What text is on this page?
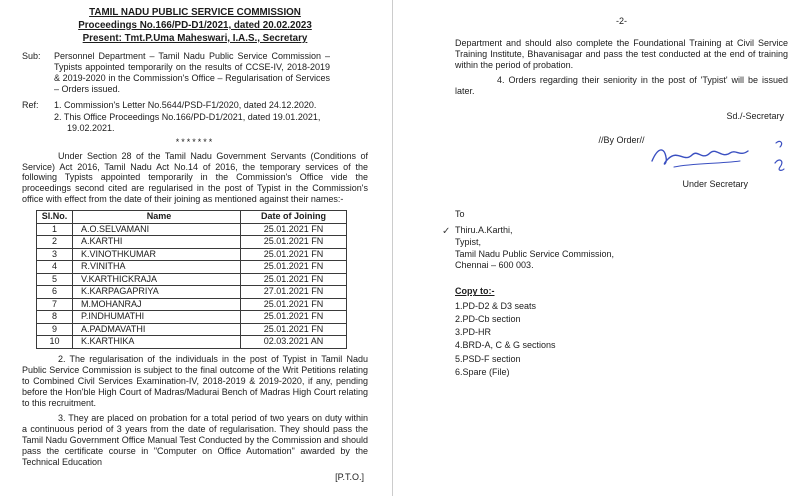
TAMIL NADU PUBLIC SERVICE COMMISSION
Proceedings No.166/PD-D1/2021, dated 20.02.2023
Present: Tmt.P.Uma Maheswari, I.A.S., Secretary
Sub:	Personnel Department – Tamil Nadu Public Service Commission – Typists appointed temporarily on the results of CCSE-IV, 2018-2019 & 2019-2020 in the Commission's Office – Regularisation of Services – Orders issued.
Ref:	1. Commission's Letter No.5644/PSD-F1/2020, dated 24.12.2020.
2. This Office Proceedings No.166/PD-D1/2021, dated 19.01.2021, 19.02.2021.
*******

Under Section 28 of the Tamil Nadu Government Servants (Conditions of Service) Act 2016, Tamil Nadu Act No.14 of 2016, the temporary services of the following Typists appointed temporarily in the Commission's Office vide the proceedings second cited are regularised in the post of Typist in the Commission's office with effect from the date of their joining as mentioned against their names:-

Sl.No.	Name	Date of Joining
1	A.O.SELVAMANI	25.01.2021 FN
2	A.KARTHI	25.01.2021 FN
3	K.VINOTHKUMAR	25.01.2021 FN
4	R.VINITHA	25.01.2021 FN
5	V.KARTHICKRAJA	25.01.2021 FN
6	K.KARPAGAPRIYA	27.01.2021 FN
7	M.MOHANRAJ	25.01.2021 FN
8	P.INDHUMATHI	25.01.2021 FN
9	A.PADMAVATHI	25.01.2021 FN
10	K.KARTHIKA	02.03.2021 AN

2. The regularisation of the individuals in the post of Typist in Tamil Nadu Public Service Commission is subject to the final outcome of the Writ Petitions relating to Combined Civil Services Examination-IV, 2018-2019 & 2019-2020, if any, pending before the Hon'ble High Court of Madras/Madurai Bench of Madras High Court relating to this recruitment.

3. They are placed on probation for a total period of two years on duty within a continuous period of 3 years from the date of regularisation. They should pass the Tamil Nadu Government Office Manual Test Conducted by the Commission and should pass the certificate course in "Computer on Office Automation" awarded by the Technical Education

[P.T.O.]
-2-

Department and should also complete the Foundational Training at Civil Service Training Institute, Bhavanisagar and pass the test conducted at the end of training within the period of probation.

4. Orders regarding their seniority in the post of 'Typist' will be issued later.

Sd./-Secretary
//By Order//
Under Secretary
To
✓ Thiru.A.Karthi,
Typist,
Tamil Nadu Public Service Commission,
Chennai – 600 003.
Copy to:-
1.PD-D2 & D3 seats
2.PD-Cb section
3.PD-HR
4.BRD-A, C & G sections
5.PSD-F section
6.Spare (File)
